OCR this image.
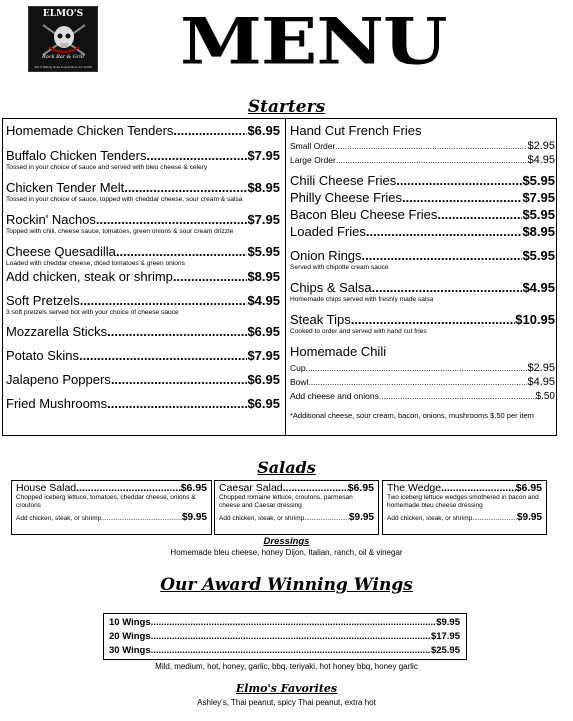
ELMO'S
Rock Bar & Grill
423 S Milking Road Pueblo Bent CO 12345 MENU
Starters
Homemade Chicken Tenders .....	$6.95
Buffalo Chicken Tenders .....	$7.95
Tossed in your choice of sauce and served with bleu cheese & celery
Chicken Tender Melt .....	$8.95
Tossed in your choice of sauce, topped with cheddar cheese, sour cream & salsa
Rockin' Nachos .....	$7.95
Topped with chili, cheese sauce, tomatoes, green onions & sour cream drizzle
Cheese Quesadilla .....	$5.95
Loaded with cheddar cheese, diced tomatoes & green onions
Add chicken, steak or shrimp .....	$8.95
Soft Pretzels .....	$4.95
3 soft pretzels served hot with your choice of cheese sauce
Mozzarella Sticks .....	$6.95
Potato Skins .....	$7.95
Jalapeno Poppers .....	$6.95
Fried Mushrooms .....	$6.95
Hand Cut French Fries
Small Order .....	$2.95
Large Order .....	$4.95
Chili Cheese Fries .....	$5.95
Philly Cheese Fries .....	$7.95
Bacon Bleu Cheese Fries .....	$5.95
Loaded Fries .....	$8.95
Onion Rings .....	$5.95
Served with chipotle cream sauce
Chips & Salsa .....	$4.95
Homemade chips served with freshly made salsa
Steak Tips .....	$10.95
Cooked to order and served with hand cut fries
Homemade Chili
Cup .....	$2.95
Bowl .....	$4.95
Add cheese and onions .....	$.50
*Additional cheese, sour cream, bacon, onions, mushrooms $.50 per item
Salads
House Salad .....	$6.95
Chopped iceberg lettuce, tomatoes, cheddar cheese, onions & croutons
Add chicken, steak, or shrimp .....	$9.95
Caesar Salad .....	$6.95
Chopped romaine lettuce, croutons, parmesan cheese and Caesar dressing
Add chicken, steak, or shrimp .....	$9.95
The Wedge .....	$6.95
Two iceberg lettuce wedges smothered in bacon and homemade bleu cheese dressing
Add chicken, steak, or shrimp .....	$9.95
Dressings
Homemade bleu cheese, honey Dijon, Italian, ranch, oil & vinegar
Our Award Winning Wings
10 Wings .....	$9.95
20 Wings .....	$17.95
30 Wings .....	$25.95
Mild, medium, hot, honey, garlic, bbq, teriyaki, hot honey bbq, honey garlic
Elmo's Favorites
Ashley's, Thai peanut, spicy Thai peanut, extra hot
